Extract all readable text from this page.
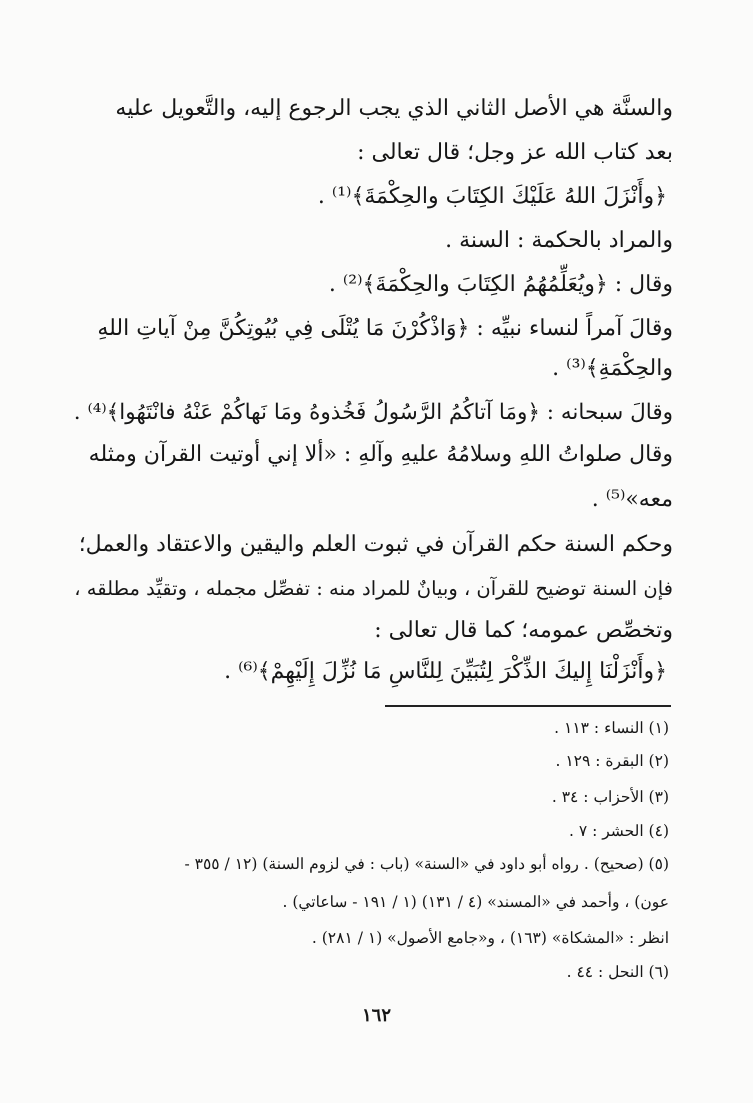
والسنَّة هي الأصل الثاني الذي يجب الرجوع إليه، والتَّعويل عليه
بعد كتاب الله عز وجل؛ قال تعالى :
﴿وأَنْزَلَ اللهُ عَلَيْكَ الكِتَابَ والحِكْمَةَ﴾⁽¹⁾ .
والمراد بالحكمة : السنة .
وقال : ﴿ويُعَلِّمُهُمُ الكِتَابَ والحِكْمَةَ﴾⁽²⁾ .
وقالَ آمراً لنساء نبيِّه : ﴿وَاذْكُرْنَ مَا يُتْلَى فِي بُيُوتِكُنَّ مِنْ آياتِ اللهِ
والحِكْمَةِ﴾⁽³⁾ .
وقالَ سبحانه : ﴿ومَا آتاكُمُ الرَّسُولُ فَخُذوهُ ومَا نَهاكُمْ عَنْهُ فانْتَهُوا﴾⁽⁴⁾ .
وقال صلواتُ اللهِ وسلامُهُ عليهِ وآلهِ : «ألا إني أوتيت القرآن ومثله
معه»⁽⁵⁾ .
وحكم السنة حكم القرآن في ثبوت العلم واليقين والاعتقاد والعمل؛
فإن السنة توضيح للقرآن ، وبيانٌ للمراد منه : تفصِّل مجمله ، وتقيِّد مطلقه ،
وتخصِّص عمومه؛ كما قال تعالى :
﴿وأَنْزَلْنَا إِليكَ الذِّكْرَ لِتُبَيِّنَ لِلنَّاسِ مَا نُزِّلَ إِلَيْهِمْ﴾⁽⁶⁾ .
(١) النساء : ١١٣ .
(٢) البقرة : ١٢٩ .
(٣) الأحزاب : ٣٤ .
(٤) الحشر : ٧ .
(٥) (صحيح) . رواه أبو داود في «السنة» (باب : في لزوم السنة) (١٢ / ٣٥٥ -
عون) ، وأحمد في «المسند» (٤ / ١٣١) (١ / ١٩١ - ساعاتي) .
انظر : «المشكاة» (١٦٣) ، و«جامع الأصول» (١ / ٢٨١) .
(٦) النحل : ٤٤ .
١٦٢
